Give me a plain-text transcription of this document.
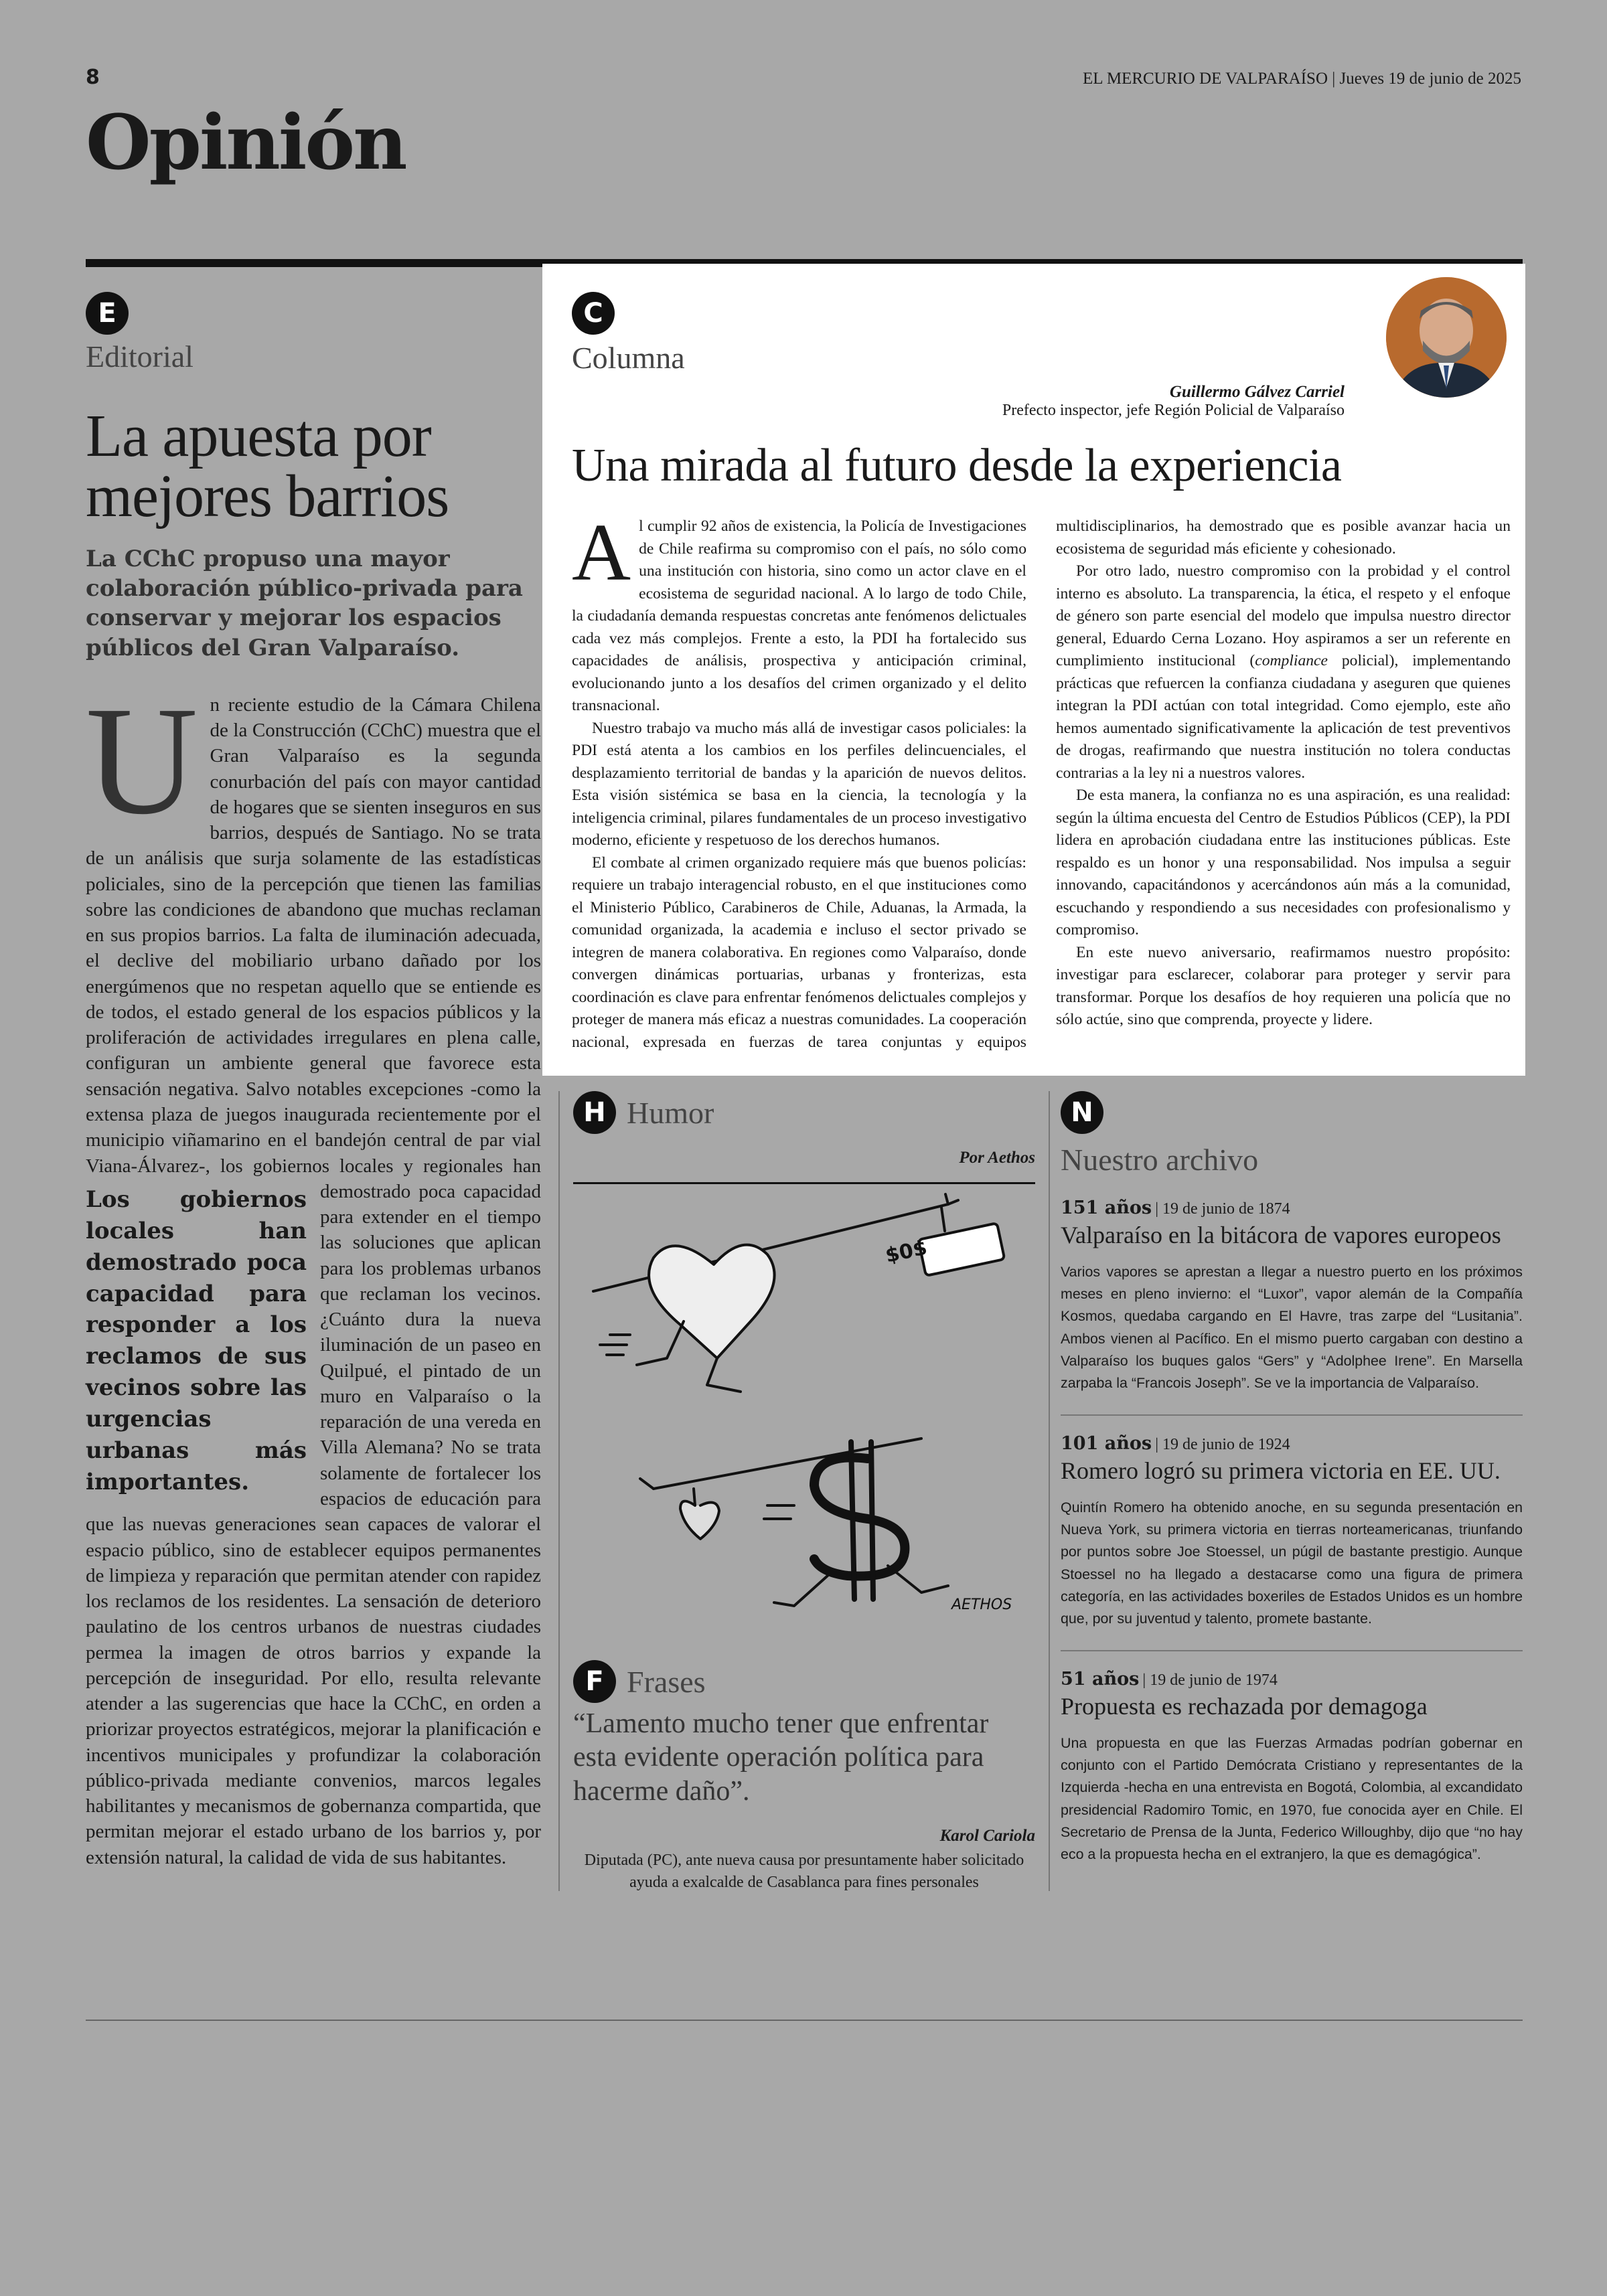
8	EL MERCURIO DE VALPARAÍSO | Jueves 19 de junio de 2025
Opinión
E
Editorial
La apuesta por mejores barrios
La CChC propuso una mayor colaboración público-privada para conservar y mejorar los espacios públicos del Gran Valparaíso.
U n reciente estudio de la Cámara Chilena de la Construcción (CChC) muestra que el Gran Valparaíso es la segunda conurbación del país con mayor cantidad de hogares que se sienten inseguros en sus barrios, después de Santiago. No se trata de un análisis que surja solamente de las estadísticas policiales, sino de la percepción que tienen las familias sobre las condiciones de abandono que muchas reclaman en sus propios barrios. La falta de iluminación adecuada, el declive del mobiliario urbano dañado por los energúmenos que no respetan aquello que se entiende es de todos, el estado general de los espacios públicos y la proliferación de actividades irregulares en plena calle, configuran un ambiente general que favorece esta sensación negativa. Salvo notables excepciones -como la extensa plaza de juegos inaugurada recientemente por el municipio viñamarino en el bandejón central de par vial Viana-Álvarez-, los gobiernos locales y regionales han demostrado
Los gobiernos locales han demostrado poca capacidad para responder a los reclamos de sus vecinos sobre las urgencias urbanas más importantes.
poca capacidad para extender en el tiempo las soluciones que aplican para los problemas urbanos que reclaman los vecinos. ¿Cuánto dura la nueva iluminación de un paseo en Quilpué, el pintado de un muro en Valparaíso o la reparación de una vereda en Villa Alemana? No se trata solamente de fortalecer los espacios de educación para que las nuevas generaciones sean capaces de valorar el espacio público, sino de establecer equipos permanentes de limpieza y reparación que permitan atender con rapidez los reclamos de los residentes. La sensación de deterioro paulatino de los centros urbanos de nuestras ciudades permea la imagen de otros barrios y expande la percepción de inseguridad. Por ello, resulta relevante atender a las sugerencias que hace la CChC, en orden a priorizar proyectos estratégicos, mejorar la planificación e incentivos municipales y profundizar la colaboración público-privada mediante convenios, marcos legales habilitantes y mecanismos de gobernanza compartida, que permitan mejorar el estado urbano de los barrios y, por extensión natural, la calidad de vida de sus habitantes.
C
Columna
Guillermo Gálvez Carriel
Prefecto inspector, jefe Región Policial de Valparaíso
Una mirada al futuro desde la experiencia

Al cumplir 92 años de existencia, la Policía de Investigaciones de Chile reafirma su compromiso con el país, no sólo como una institución con historia, sino como un actor clave en el ecosistema de seguridad nacional. A lo largo de todo Chile, la ciudadanía demanda respuestas concretas ante fenómenos delictuales cada vez más complejos. Frente a esto, la PDI ha fortalecido sus capacidades de análisis, prospectiva y anticipación criminal, evolucionando junto a los desafíos del crimen organizado y el delito transnacional.

Nuestro trabajo va mucho más allá de investigar casos policiales: la PDI está atenta a los cambios en los perfiles delincuenciales, el desplazamiento territorial de bandas y la aparición de nuevos delitos. Esta visión sistémica se basa en la ciencia, la tecnología y la inteligencia criminal, pilares fundamentales de un proceso investigativo moderno, eficiente y respetuoso de los derechos humanos.

El combate al crimen organizado requiere más que buenos policías: requiere un trabajo interagencial robusto, en el que instituciones como el Ministerio Público, Carabineros de Chile, Aduanas, la Armada, la comunidad organizada, la academia e incluso el sector privado se integren de manera colaborativa. En regiones como Valparaíso, donde convergen dinámicas portuarias, urbanas y fronterizas, esta coordinación es clave para enfrentar fenómenos delictuales complejos y proteger de manera más eficaz a nuestras comunidades. La cooperación nacional, expresada en fuerzas de tarea conjuntas y equipos multidisciplinarios, ha demostrado que es posible avanzar hacia un ecosistema de seguridad más eficiente y cohesionado.

Por otro lado, nuestro compromiso con la probidad y el control interno es absoluto. La transparencia, la ética, el respeto y el enfoque de género son parte esencial del modelo que impulsa nuestro director general, Eduardo Cerna Lozano. Hoy aspiramos a ser un referente en cumplimiento institucional (compliance policial), implementando prácticas que refuercen la confianza ciudadana y aseguren que quienes integran la PDI actúan con total integridad. Como ejemplo, este año hemos aumentado significativamente la aplicación de test preventivos de drogas, reafirmando que nuestra institución no tolera conductas contrarias a la ley ni a nuestros valores.

De esta manera, la confianza no es una aspiración, es una realidad: según la última encuesta del Centro de Estudios Públicos (CEP), la PDI lidera en aprobación ciudadana entre las instituciones públicas. Este respaldo es un honor y una responsabilidad. Nos impulsa a seguir innovando, capacitándonos y acercándonos aún más a la comunidad, escuchando y respondiendo a sus necesidades con profesionalismo y compromiso.

En este nuevo aniversario, reafirmamos nuestro propósito: investigar para esclarecer, colaborar para proteger y servir para transformar. Porque los desafíos de hoy requieren una policía que no sólo actúe, sino que comprenda, proyecte y lidere.

H Humor
Por Aethos
$0$
AETHOS
F Frases
“Lamento mucho tener que enfrentar esta evidente operación política para hacerme daño”.
Karol Cariola
Diputada (PC), ante nueva causa por presuntamente haber solicitado ayuda a exalcalde de Casablanca para fines personales
N
Nuestro archivo
151 años | 19 de junio de 1874
Valparaíso en la bitácora de vapores europeos
Varios vapores se aprestan a llegar a nuestro puerto en los próximos meses en pleno invierno: el “Luxor”, vapor alemán de la Compañía Kosmos, quedaba cargando en El Havre, tras zarpe del “Lusitania”. Ambos vienen al Pacífico. En el mismo puerto cargaban con destino a Valparaíso los buques galos “Gers” y “Adolphee Irene”. En Marsella zarpaba la “Francois Joseph”. Se ve la importancia de Valparaíso.
101 años | 19 de junio de 1924
Romero logró su primera victoria en EE. UU.
Quintín Romero ha obtenido anoche, en su segunda presentación en Nueva York, su primera victoria en tierras norteamericanas, triunfando por puntos sobre Joe Stoessel, un púgil de bastante prestigio. Aunque Stoessel no ha llegado a destacarse como una figura de primera categoría, en las actividades boxeriles de Estados Unidos es un hombre que, por su juventud y talento, promete bastante.
51 años | 19 de junio de 1974
Propuesta es rechazada por demagoga
Una propuesta en que las Fuerzas Armadas podrían gobernar en conjunto con el Partido Demócrata Cristiano y representantes de la Izquierda -hecha en una entrevista en Bogotá, Colombia, al excandidato presidencial Radomiro Tomic, en 1970, fue conocida ayer en Chile. El Secretario de Prensa de la Junta, Federico Willoughby, dijo que “no hay eco a la propuesta hecha en el extranjero, la que es demagógica”.
